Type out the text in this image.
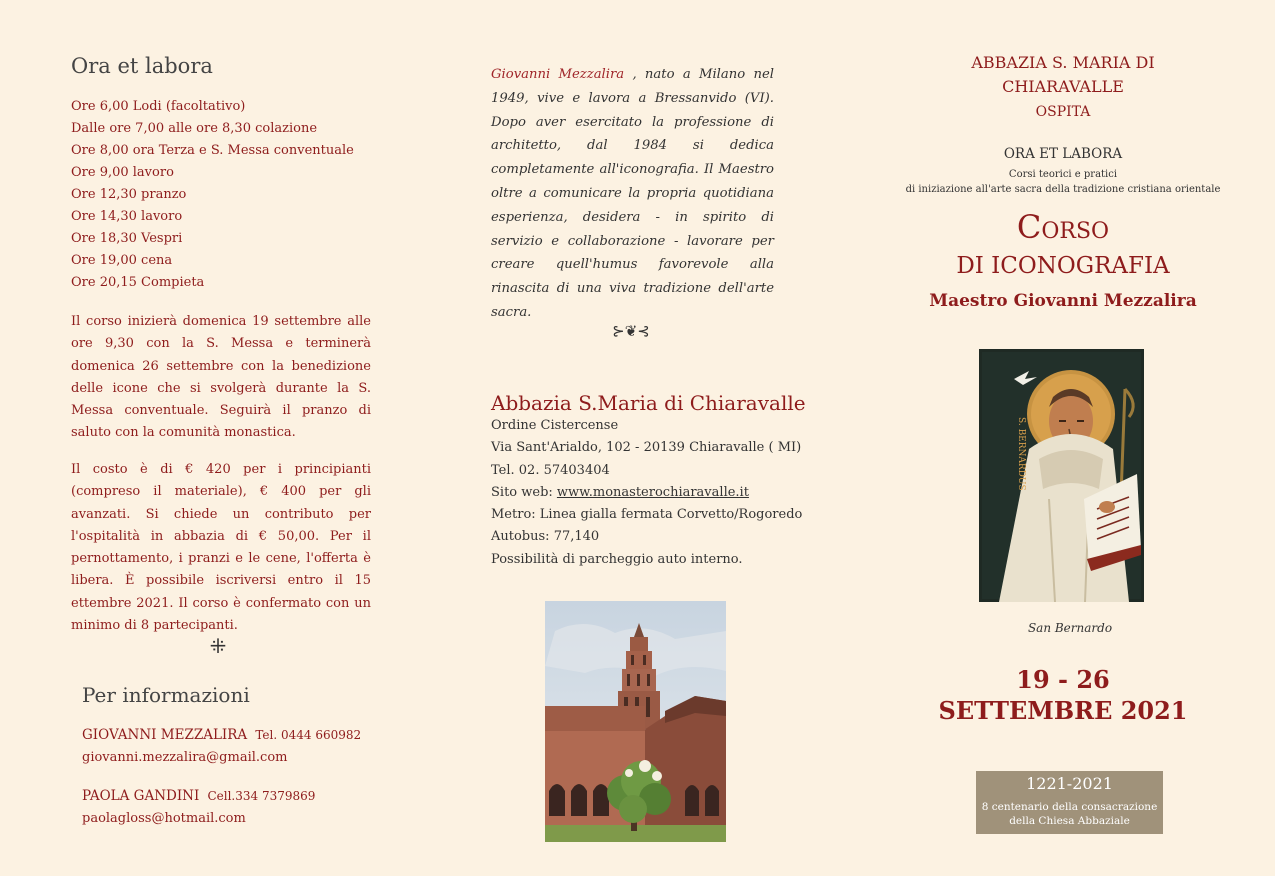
Ora et labora
Ore 6,00 Lodi (facoltativo)
Dalle ore 7,00 alle ore 8,30 colazione
Ore 8,00 ora Terza e S. Messa conventuale
Ore 9,00 lavoro
Ore 12,30 pranzo
Ore 14,30 lavoro
Ore 18,30 Vespri
Ore 19,00 cena
Ore 20,15 Compieta

Il corso inizierà domenica 19 settembre alle ore 9,30 con la S. Messa e terminerà domenica 26 settembre con la benedizione delle icone che si svolgerà durante la S. Messa conventuale. Seguirà il pranzo di saluto con la comunità monastica.

Il costo è di € 420 per i principianti (compreso il materiale), € 400 per gli avanzati. Si chiede un contributo per l'ospitalità in abbazia di € 50,00. Per il pernottamento, i pranzi e le cene, l'offerta è libera. È possibile iscriversi entro il 15 ettembre 2021. Il corso è confermato con un minimo di 8 partecipanti.

⁜
Per informazioni
GIOVANNI MEZZALIRA Tel. 0444 660982
giovanni.mezzalira@gmail.com
PAOLA GANDINI Cell.334 7379869
paolagloss@hotmail.com

Giovanni Mezzalira , nato a Milano nel 1949, vive e lavora a Bressanvido (VI). Dopo aver esercitato la professione di architetto, dal 1984 si dedica completamente all'iconografia. Il Maestro oltre a comunicare la propria quotidiana esperienza, desidera - in spirito di servizio e collaborazione - lavorare per creare quell'humus favorevole alla rinascita di una viva tradizione dell'arte sacra.

⊱❦⊰
Abbazia S.Maria di Chiaravalle
Ordine Cistercense
Via Sant'Arialdo, 102 - 20139 Chiaravalle ( MI)
Tel. 02. 57403404
Sito web: www.monasterochiaravalle.it
Metro: Linea gialla fermata Corvetto/Rogoredo
Autobus: 77,140
Possibilità di parcheggio auto interno.
ABBAZIA S. MARIA DI
CHIARAVALLE
OSPITA
ORA ET LABORA
Corsi teorici e pratici
di iniziazione all'arte sacra della tradizione cristiana orientale
Corso
DI ICONOGRAFIA
Maestro Giovanni Mezzalira
S. BERNARDUS
San Bernardo
19 - 26
SETTEMBRE 2021
1221-2021
8 centenario della consacrazione
della Chiesa Abbaziale
